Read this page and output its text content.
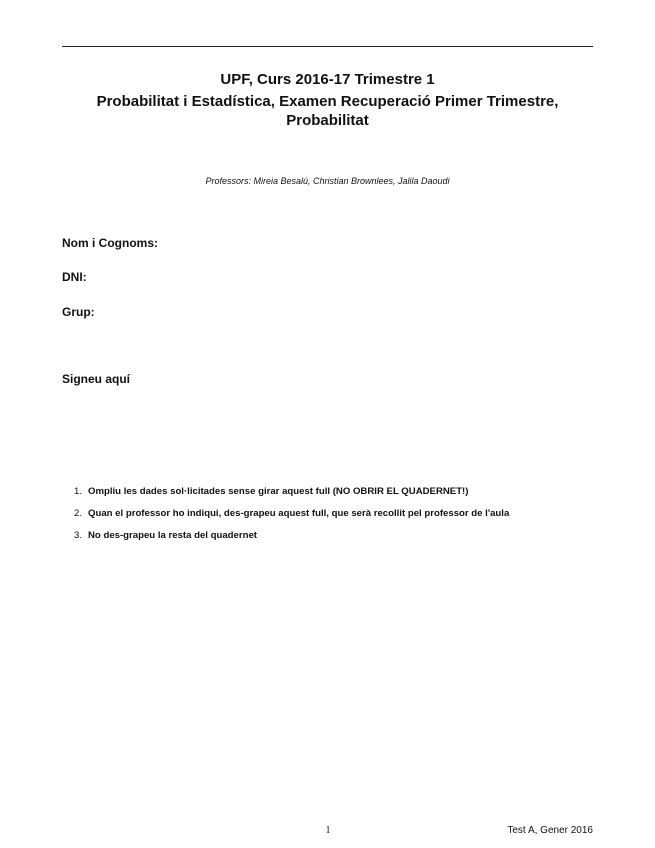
UPF, Curs 2016-17 Trimestre 1
Probabilitat i Estadística, Examen Recuperació Primer Trimestre,
Probabilitat
Professors: Mireia Besalú, Christian Brownlees, Jalila Daoudi
Nom i Cognoms:
DNI:
Grup:
Signeu aquí
1. Ompliu les dades sol·licitades sense girar aquest full (NO OBRIR EL QUADERNET!)
2. Quan el professor ho indiqui, des-grapeu aquest full, que serà recollit pel professor de l'aula
3. No des-grapeu la resta del quadernet
1	Test A, Gener 2016
